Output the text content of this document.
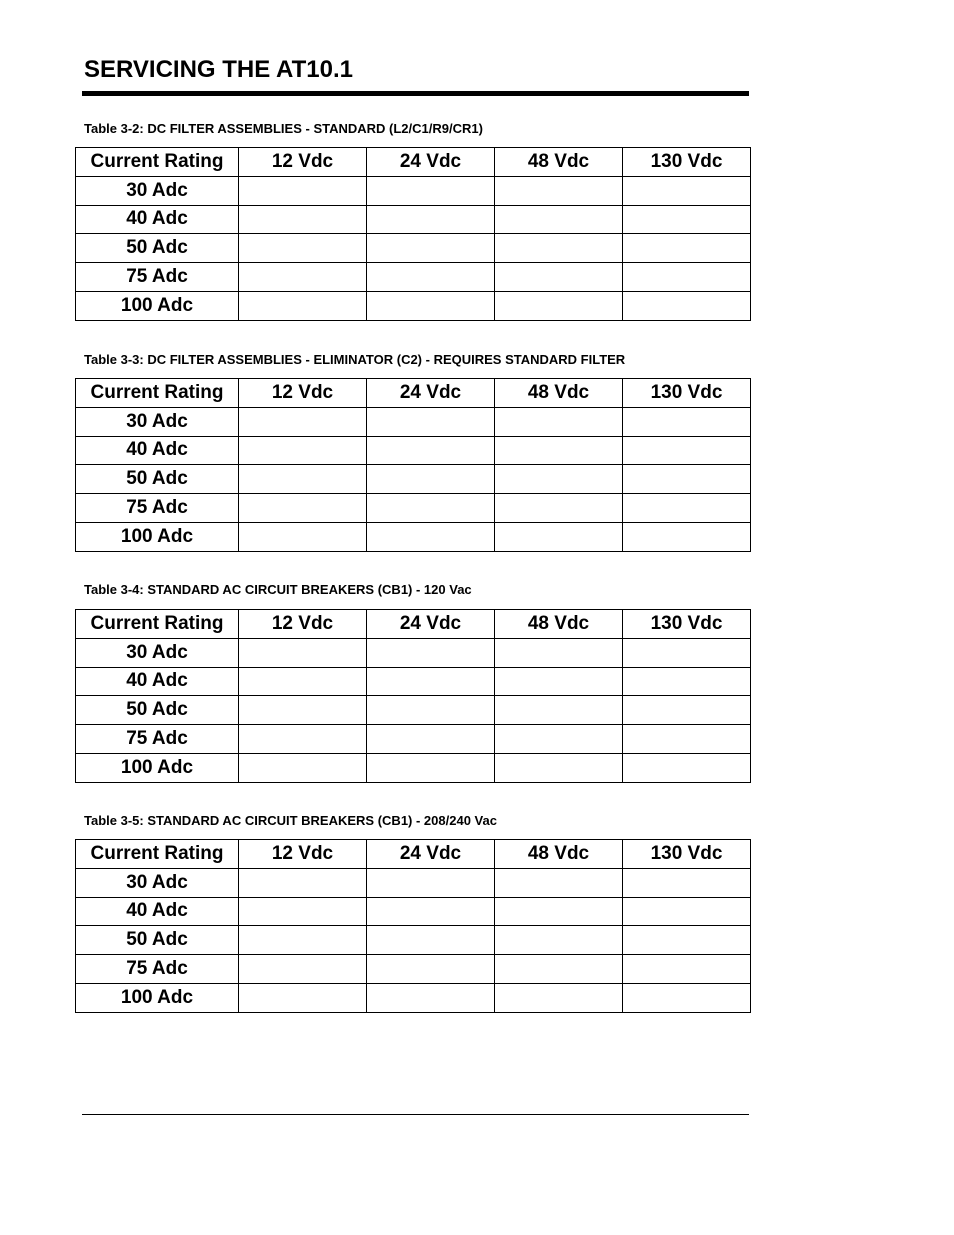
SERVICING THE AT10.1
Table 3-2: DC FILTER ASSEMBLIES - STANDARD (L2/C1/R9/CR1)
Current Rating	12 Vdc	24 Vdc	48 Vdc	130 Vdc
30 Adc				
40 Adc				
50 Adc				
75 Adc				
100 Adc				
Table 3-3: DC FILTER ASSEMBLIES - ELIMINATOR (C2) - REQUIRES STANDARD FILTER
Current Rating	12 Vdc	24 Vdc	48 Vdc	130 Vdc
30 Adc				
40 Adc				
50 Adc				
75 Adc				
100 Adc				
Table 3-4: STANDARD AC CIRCUIT BREAKERS (CB1) - 120 Vac
Current Rating	12 Vdc	24 Vdc	48 Vdc	130 Vdc
30 Adc				
40 Adc				
50 Adc				
75 Adc				
100 Adc				
Table 3-5: STANDARD AC CIRCUIT BREAKERS (CB1) - 208/240 Vac
Current Rating	12 Vdc	24 Vdc	48 Vdc	130 Vdc
30 Adc				
40 Adc				
50 Adc				
75 Adc				
100 Adc				
